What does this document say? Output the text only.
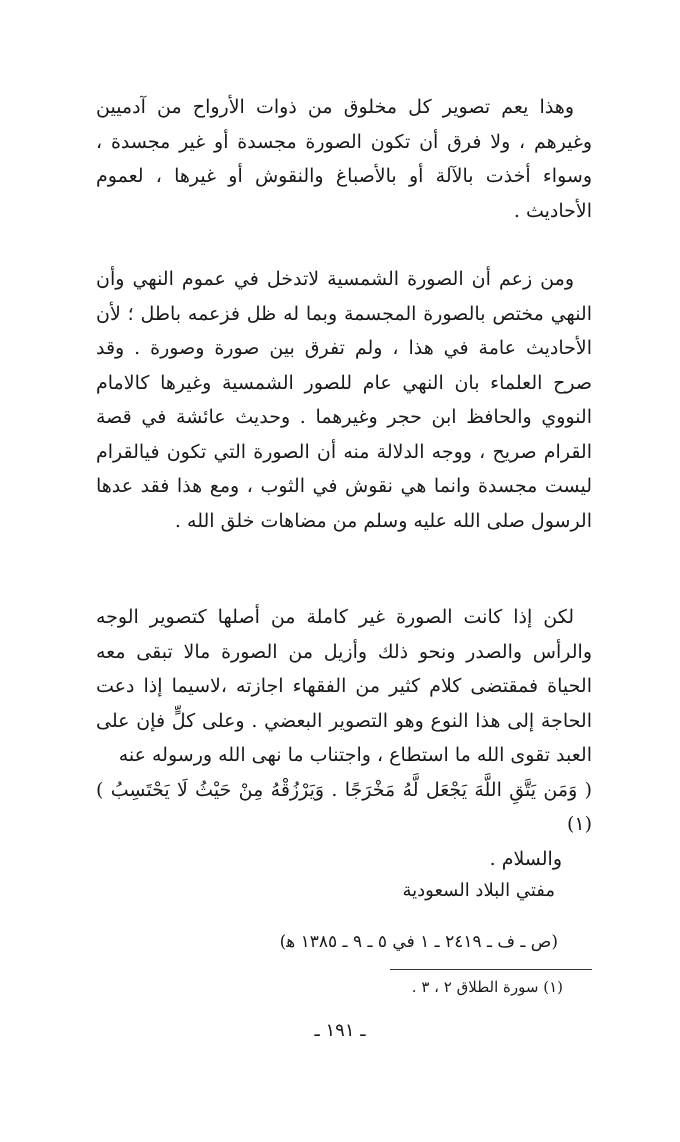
وهذا يعم تصوير كل مخلوق من ذوات الأرواح من آدميين وغيرهم ، ولا فرق أن تكون الصورة مجسدة أو غير مجسدة ، وسواء أخذت بالآلة أو بالأصباغ والنقوش أو غيرها ، لعموم الأحاديث .

ومن زعم أن الصورة الشمسية لاتدخل في عموم النهي وأن النهي مختص بالصورة المجسمة وبما له ظل فزعمه باطل ؛ لأن الأحاديث عامة في هذا ، ولم تفرق بين صورة وصورة . وقد صرح العلماء بان النهي عام للصور الشمسية وغيرها كالامام النووي والحافظ ابن حجر وغيرهما . وحديث عائشة في قصة القرام صريح ، ووجه الدلالة منه أن الصورة التي تكون فيالقرام ليست مجسدة وانما هي نقوش في الثوب ، ومع هذا فقد عدها الرسول صلى الله عليه وسلم من مضاهات خلق الله .

لكن إذا كانت الصورة غير كاملة من أصلها كتصوير الوجه والرأس والصدر ونحو ذلك وأزيل من الصورة مالا تبقى معه الحياة فمقتضى كلام كثير من الفقهاء اجازته ،لاسيما إذا دعت الحاجة إلى هذا النوع وهو التصوير البعضي . وعلى كلٍّ فإن على العبد تقوى الله ما استطاع ، واجتناب ما نهى الله ورسوله عنه
( وَمَن يَتَّقِ اللَّهَ يَجْعَل لَّهُ مَخْرَجًا . وَيَرْزُقْهُ مِنْ حَيْثُ لَا يَحْتَسِبُ ) (١)
والسلام .

مفتي البلاد السعودية
(ص ـ ف ـ ٢٤١٩ ـ ١ في ٥ ـ ٩ ـ ١٣٨٥ ﻫ)
(١) سورة الطلاق ٢ ، ٣ .
ـ ١٩١ ـ
